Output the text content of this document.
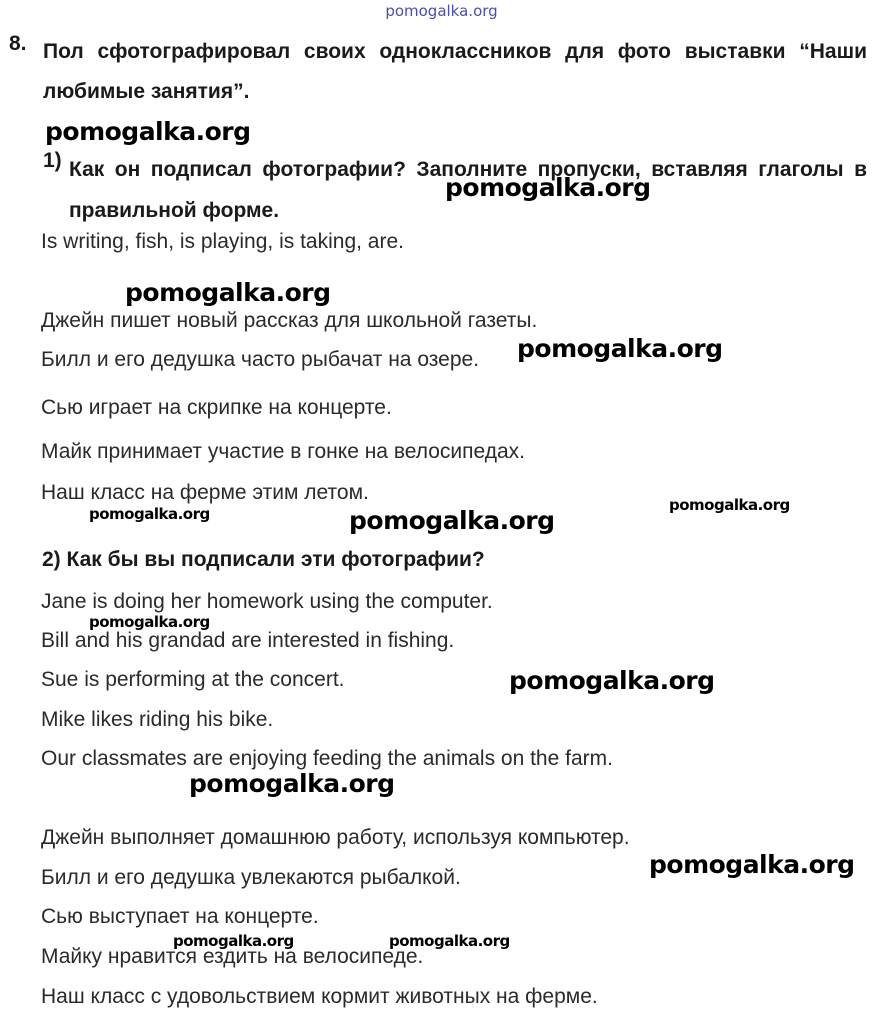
pomogalka.org
8. Пол сфотографировал своих одноклассников для фото выставки “Наши любимые занятия”.
1) Как он подписал фотографии? Заполните пропуски, вставляя глаголы в правильной форме.
Is writing, fish, is playing, is taking, are.
Джейн пишет новый рассказ для школьной газеты.
Билл и его дедушка часто рыбачат на озере.
Сью играет на скрипке на концерте.
Майк принимает участие в гонке на велосипедах.
Наш класс на ферме этим летом.
2) Как бы вы подписали эти фотографии?
Jane is doing her homework using the computer.
Bill and his grandad are interested in fishing.
Sue is performing at the concert.
Mike likes riding his bike.
Our classmates are enjoying feeding the animals on the farm.
Джейн выполняет домашнюю работу, используя компьютер.
Билл и его дедушка увлекаются рыбалкой.
Сью выступает на концерте.
Майку нравится ездить на велосипеде.
Наш класс с удовольствием кормит животных на ферме.
pomogalka.org
pomogalka.org
pomogalka.org
pomogalka.org
pomogalka.org	pomogalka.org
pomogalka.org
pomogalka.org
pomogalka.org
pomogalka.org
pomogalka.org
pomogalka.org	pomogalka.org
